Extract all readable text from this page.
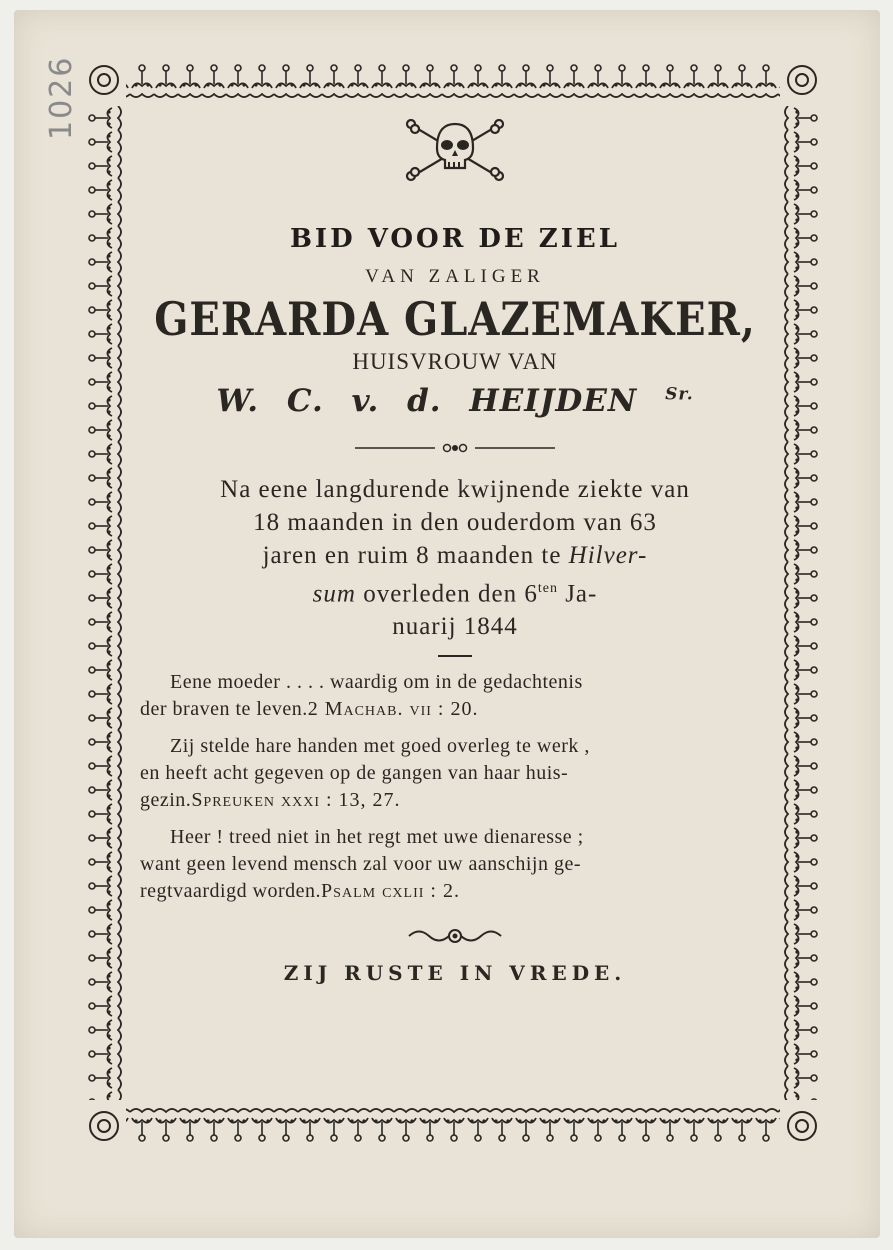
1026
BID VOOR DE ZIEL
VAN ZALIGER
GERARDA GLAZEMAKER,
HUISVROUW VAN
W. C. v. d. HEIJDEN $^{Sr.}$
Na eene langdurende kwijnende ziekte van
18 maanden in den ouderdom van 63
jaren en ruim 8 maanden te Hilver-
sum overleden den $6^{ten}$ Ja-
nuarij 1844
Eene moeder . . . . waardig om in de gedachtenis
der braven te leven.2 Machab. vii : 20.
Zij stelde hare handen met goed overleg te werk ,
en heeft acht gegeven op de gangen van haar huis-
gezin.Spreuken xxxi : 13, 27.
Heer ! treed niet in het regt met uwe dienaresse ;
want geen levend mensch zal voor uw aanschijn ge-
regtvaardigd worden.Psalm cxlii : 2.
ZIJ RUSTE IN VREDE.
